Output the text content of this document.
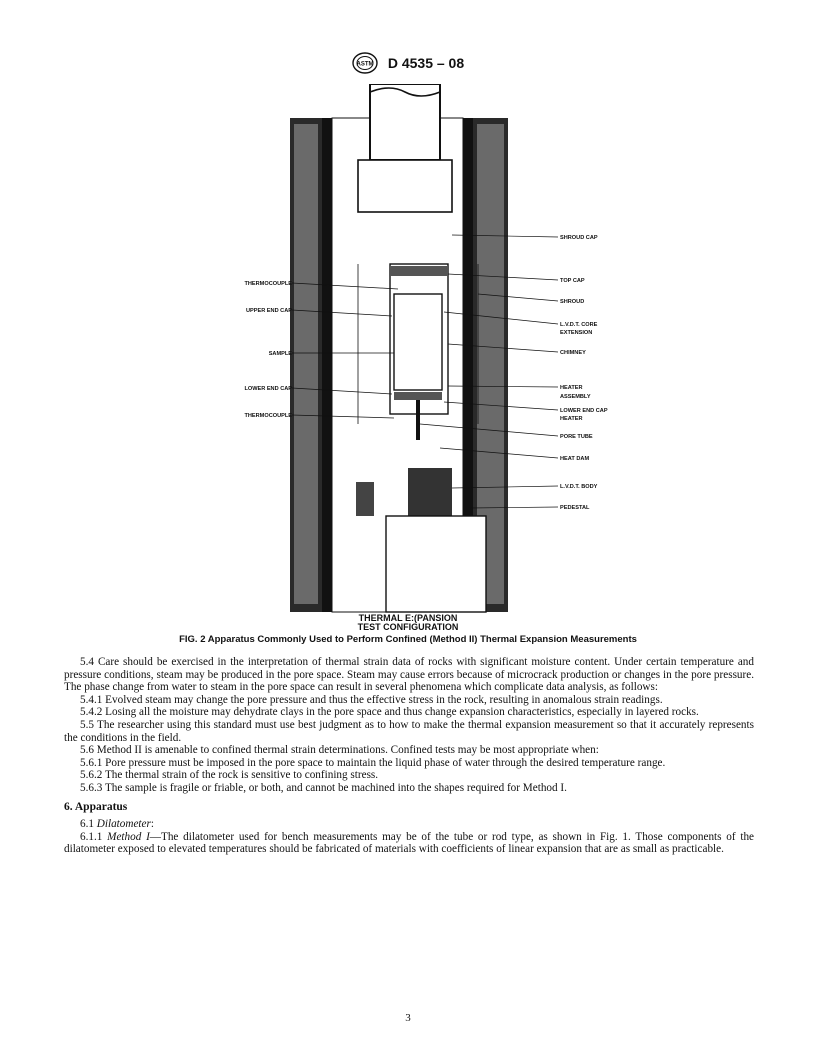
ASTM D 4535 – 08
THERMOCOUPLE
UPPER END CAP
SAMPLE
LOWER END CAP
THERMOCOUPLE
SHROUD CAP
TOP CAP
SHROUD
L.V.D.T. CORE
EXTENSION
CHIMNEY
HEATER
ASSEMBLY
LOWER END CAP
HEATER
PORE TUBE
HEAT DAM
L.V.D.T. BODY
PEDESTAL
THERMAL E:(PANSION
TEST CONFIGURATION
FIG. 2 Apparatus Commonly Used to Perform Confined (Method II) Thermal Expansion Measurements

5.4 Care should be exercised in the interpretation of thermal strain data of rocks with significant moisture content. Under certain temperature and pressure conditions, steam may be produced in the pore space. Steam may cause errors because of microcrack production or changes in the pore pressure. The phase change from water to steam in the pore space can result in several phenomena which complicate data analysis, as follows:

5.4.1 Evolved steam may change the pore pressure and thus the effective stress in the rock, resulting in anomalous strain readings.

5.4.2 Losing all the moisture may dehydrate clays in the pore space and thus change expansion characteristics, especially in layered rocks.

5.5 The researcher using this standard must use best judgment as to how to make the thermal expansion measurement so that it accurately represents the conditions in the field.

5.6 Method II is amenable to confined thermal strain determinations. Confined tests may be most appropriate when:

5.6.1 Pore pressure must be imposed in the pore space to maintain the liquid phase of water through the desired temperature range.

5.6.2 The thermal strain of the rock is sensitive to confining stress.

5.6.3 The sample is fragile or friable, or both, and cannot be machined into the shapes required for Method I.

6. Apparatus

6.1 Dilatometer:

6.1.1 Method I—The dilatometer used for bench measurements may be of the tube or rod type, as shown in Fig. 1. Those components of the dilatometer exposed to elevated temperatures should be fabricated of materials with coefficients of linear expansion that are as small as practicable.

3
